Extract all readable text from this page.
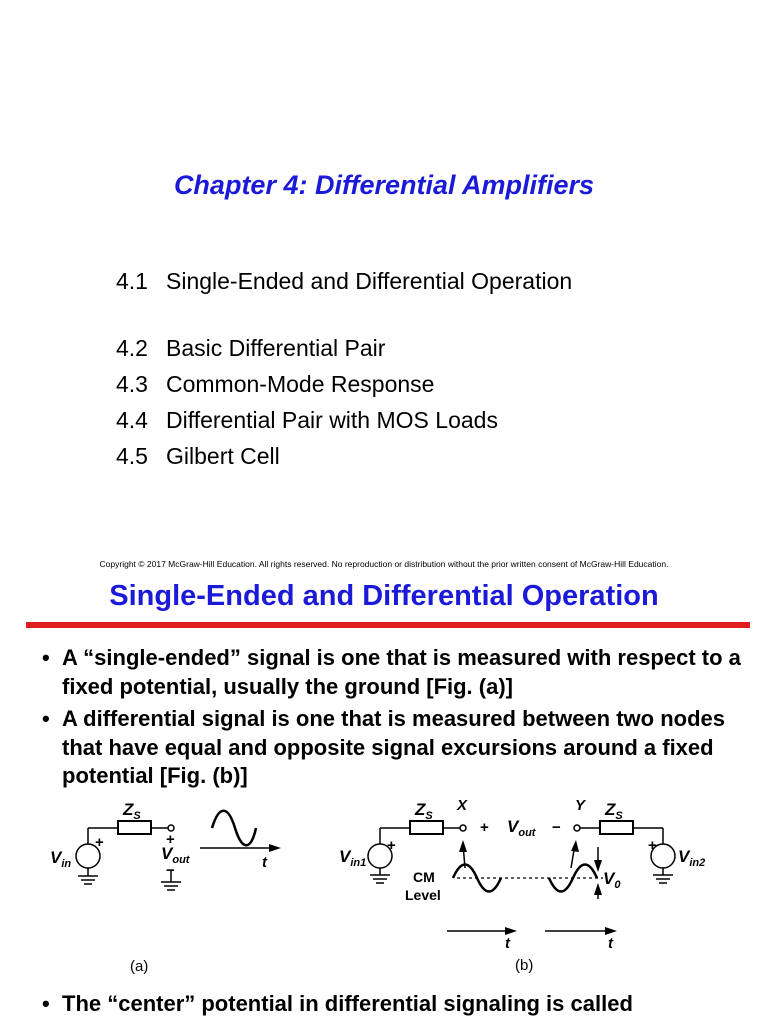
Chapter 4: Differential Amplifiers
4.1 Single-Ended and Differential Operation
4.2 Basic Differential Pair
4.3 Common-Mode Response
4.4 Differential Pair with MOS Loads
4.5 Gilbert Cell
Copyright © 2017 McGraw-Hill Education. All rights reserved. No reproduction or distribution without the prior written consent of McGraw-Hill Education.
Single-Ended and Differential Operation
• A “single-ended” signal is one that is measured with respect to a fixed potential, usually the ground [Fig. (a)]
• A differential signal is one that is measured between two nodes that have equal and opposite signal excursions around a fixed potential [Fig. (b)]
$Z_S$
+	+
$V_{in}$
$V_{out}$
−	t
(a)
$Z_S$	$Z_S$
X	Y
+ $V_{out}$ −
+	+
$V_{in1}$	$V_{in2}$
CM
Level
$V_0$
t	t
(b)
• The “center” potential in differential signaling is called
